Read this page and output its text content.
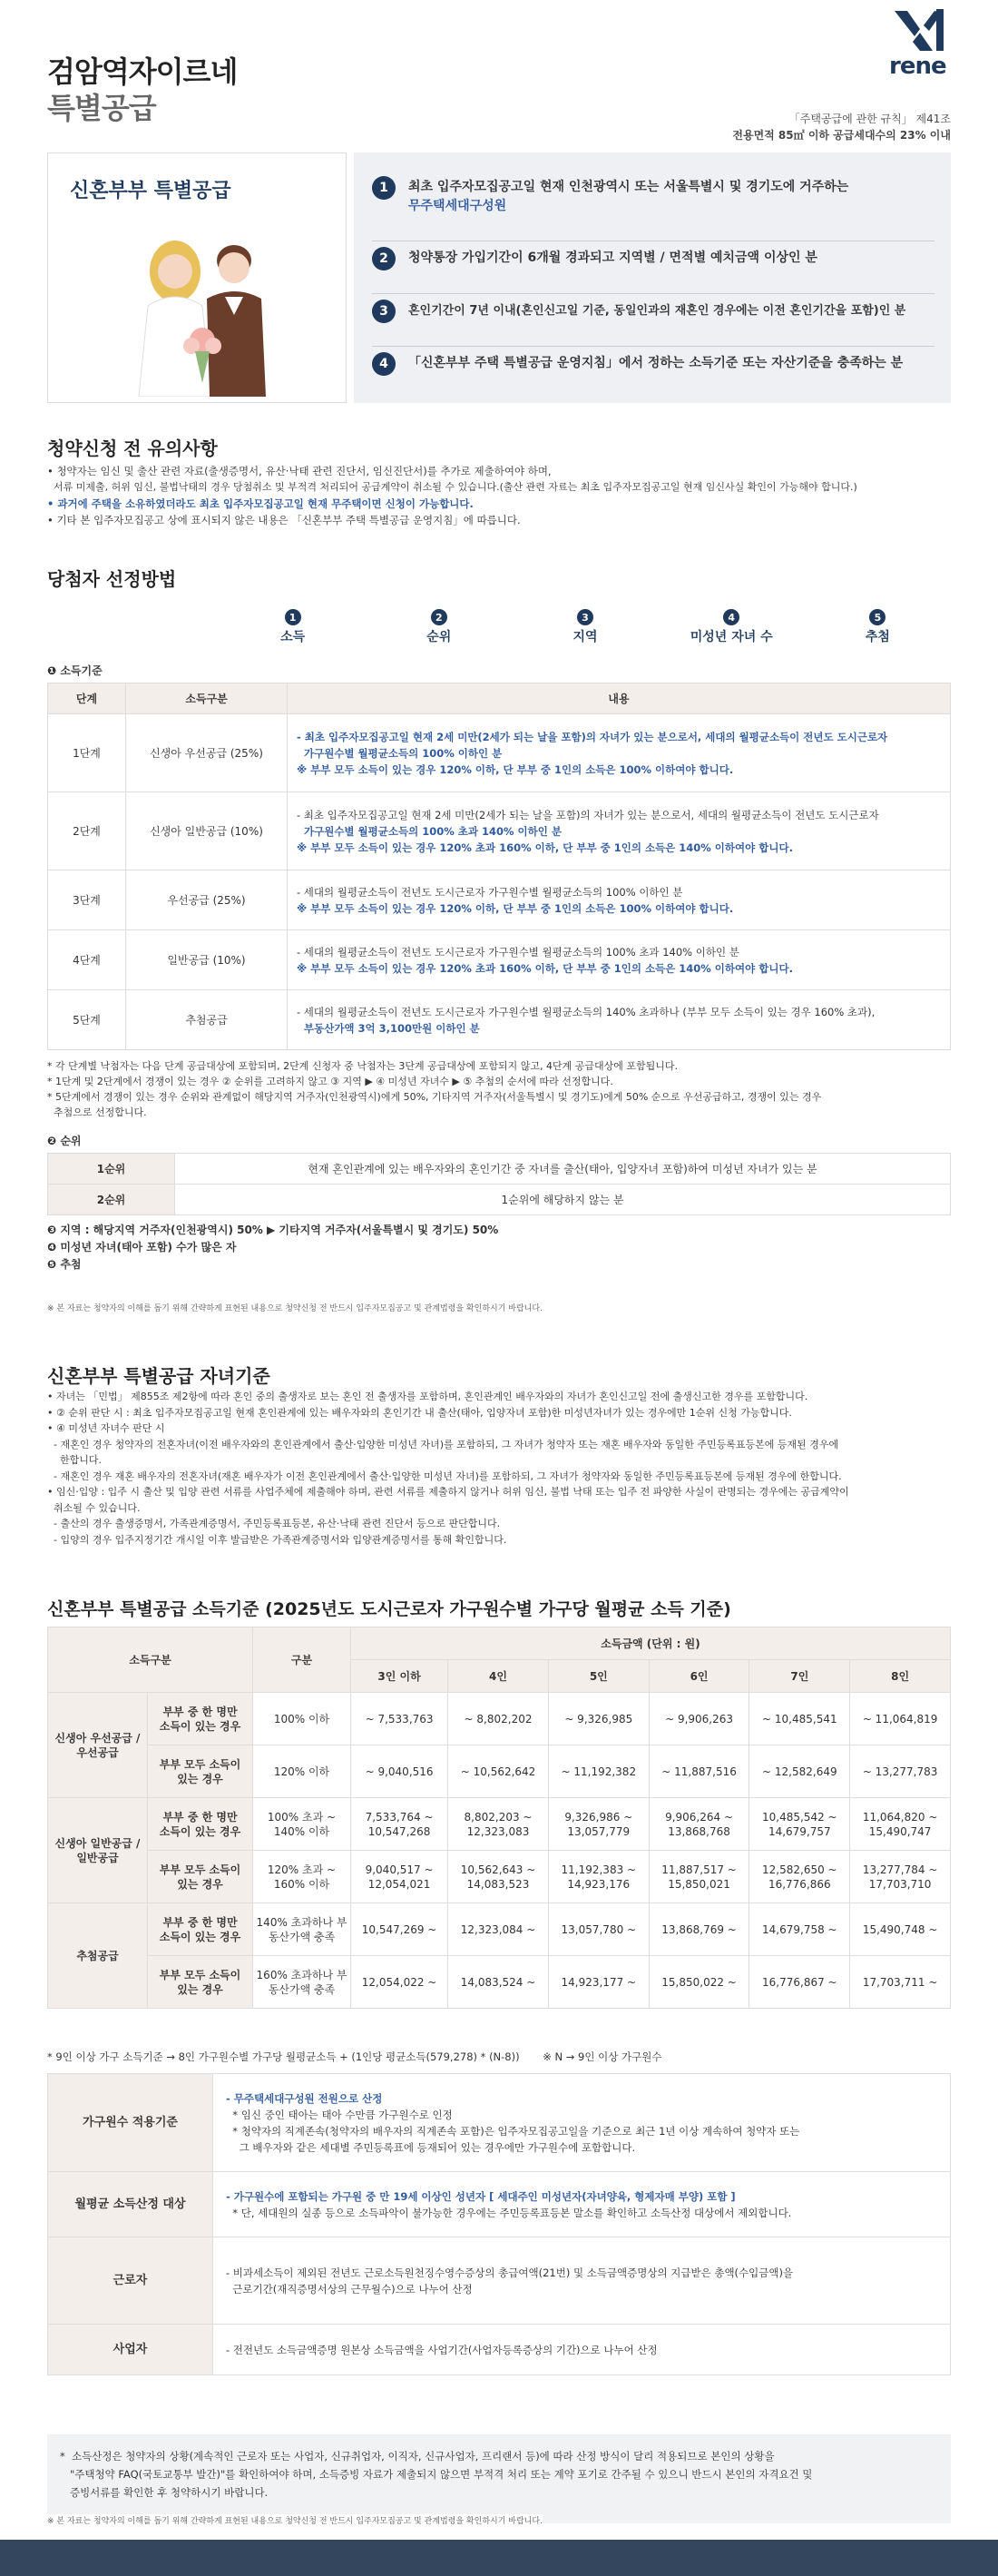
검암역자이르네
특별공급
rene
「주택공급에 관한 규칙」 제41조
전용면적 85㎡ 이하 공급세대수의 23% 이내
신혼부부 특별공급	1	최초 입주자모집공고일 현재 인천광역시 또는 서울특별시 및 경기도에 거주하는
무주택세대구성원
2	청약통장 가입기간이 6개월 경과되고 지역별 / 면적별 예치금액 이상인 분
3	혼인기간이 7년 이내(혼인신고일 기준, 동일인과의 재혼인 경우에는 이전 혼인기간을 포함)인 분
4	「신혼부부 주택 특별공급 운영지침」에서 정하는 소득기준 또는 자산기준을 충족하는 분
청약신청 전 유의사항
• 청약자는 임신 및 출산 관련 자료(출생증명서, 유산·낙태 관련 진단서, 임신진단서)를 추가로 제출하여야 하며,
서류 미제출, 허위 임신, 불법낙태의 경우 당첨취소 및 부적격 처리되어 공급계약이 취소될 수 있습니다.(출산 관련 자료는 최초 입주자모집공고일 현재 임신사실 확인이 가능해야 합니다.)
• 과거에 주택을 소유하였더라도 최초 입주자모집공고일 현재 무주택이면 신청이 가능합니다.
• 기타 본 입주자모집공고 상에 표시되지 않은 내용은 「신혼부부 주택 특별공급 운영지침」에 따릅니다.
당첨자 선정방법
당첨자 선정기준
1
소득
2
순위
3
지역
4
미성년 자녀 수
5
추첨
❶ 소득기준
단계	소득구분	내용
1단계	신생아 우선공급 (25%)	- 최초 입주자모집공고일 현재 2세 미만(2세가 되는 날을 포함)의 자녀가 있는 분으로서, 세대의 월평균소득이 전년도 도시근로자
가구원수별 월평균소득의 100% 이하인 분
※ 부부 모두 소득이 있는 경우 120% 이하, 단 부부 중 1인의 소득은 100% 이하여야 합니다.

2단계	신생아 일반공급 (10%)	- 최초 입주자모집공고일 현재 2세 미만(2세가 되는 날을 포함)의 자녀가 있는 분으로서, 세대의 월평균소득이 전년도 도시근로자
가구원수별 월평균소득의 100% 초과 140% 이하인 분
※ 부부 모두 소득이 있는 경우 120% 초과 160% 이하, 단 부부 중 1인의 소득은 140% 이하여야 합니다.

3단계	우선공급 (25%)	- 세대의 월평균소득이 전년도 도시근로자 가구원수별 월평균소득의 100% 이하인 분
※ 부부 모두 소득이 있는 경우 120% 이하, 단 부부 중 1인의 소득은 100% 이하여야 합니다.

4단계	일반공급 (10%)	- 세대의 월평균소득이 전년도 도시근로자 가구원수별 월평균소득의 100% 초과 140% 이하인 분
※ 부부 모두 소득이 있는 경우 120% 초과 160% 이하, 단 부부 중 1인의 소득은 140% 이하여야 합니다.

5단계	추첨공급	- 세대의 월평균소득이 전년도 도시근로자 가구원수별 월평균소득의 140% 초과하나 (부부 모두 소득이 있는 경우 160% 초과),
부동산가액 3억 3,100만원 이하인 분
* 각 단계별 낙첨자는 다음 단계 공급대상에 포함되며, 2단계 신청자 중 낙첨자는 3단계 공급대상에 포함되지 않고, 4단계 공급대상에 포함됩니다.
* 1단계 및 2단계에서 경쟁이 있는 경우 ② 순위를 고려하지 않고 ③ 지역 ▶ ④ 미성년 자녀수 ▶ ⑤ 추첨의 순서에 따라 선정합니다.
* 5단계에서 경쟁이 있는 경우 순위와 관계없이 해당지역 거주자(인천광역시)에게 50%, 기타지역 거주자(서울특별시 및 경기도)에게 50% 순으로 우선공급하고, 경쟁이 있는 경우
추첨으로 선정합니다.
❷ 순위
1순위	현재 혼인관계에 있는 배우자와의 혼인기간 중 자녀를 출산(태아, 입양자녀 포함)하여 미성년 자녀가 있는 분
2순위	1순위에 해당하지 않는 분
❸ 지역 : 해당지역 거주자(인천광역시) 50% ▶ 기타지역 거주자(서울특별시 및 경기도) 50%
❹ 미성년 자녀(태아 포함) 수가 많은 자
❺ 추첨
※ 본 자료는 청약자의 이해를 돕기 위해 간략하게 표현된 내용으로 청약신청 전 반드시 입주자모집공고 및 관계법령을 확인하시기 바랍니다.
신혼부부 특별공급 자녀기준
• 자녀는 「민법」 제855조 제2항에 따라 혼인 중의 출생자로 보는 혼인 전 출생자를 포함하며, 혼인관계인 배우자와의 자녀가 혼인신고일 전에 출생신고한 경우를 포함합니다.
• ② 순위 판단 시 : 최초 입주자모집공고일 현재 혼인관계에 있는 배우자와의 혼인기간 내 출산(태아, 입양자녀 포함)한 미성년자녀가 있는 경우에만 1순위 신청 가능합니다.
• ④ 미성년 자녀수 판단 시
- 재혼인 경우 청약자의 전혼자녀(이전 배우자와의 혼인관계에서 출산·입양한 미성년 자녀)를 포함하되, 그 자녀가 청약자 또는 재혼 배우자와 동일한 주민등록표등본에 등재된 경우에
한합니다.
- 재혼인 경우 재혼 배우자의 전혼자녀(재혼 배우자가 이전 혼인관계에서 출산·입양한 미성년 자녀)를 포함하되, 그 자녀가 청약자와 동일한 주민등록표등본에 등재된 경우에 한합니다.
• 임신·입양 : 입주 시 출산 및 입양 관련 서류를 사업주체에 제출해야 하며, 관련 서류를 제출하지 않거나 허위 임신, 불법 낙태 또는 입주 전 파양한 사실이 판명되는 경우에는 공급계약이
취소될 수 있습니다.
- 출산의 경우 출생증명서, 가족관계증명서, 주민등록표등본, 유산·낙태 관련 진단서 등으로 판단합니다.
- 입양의 경우 입주지정기간 개시일 이후 발급받은 가족관계증명서와 입양관계증명서를 통해 확인합니다.
신혼부부 특별공급 소득기준 (2025년도 도시근로자 가구원수별 가구당 월평균 소득 기준)
소득구분		구분	소득금액 (단위 : 원)					
			3인 이하	4인	5인	6인	7인	8인
신생아 우선공급 / 우선공급	부부 중 한 명만 소득이 있는 경우	100% 이하	~ 7,533,763	~ 8,802,202	~ 9,326,985	~ 9,906,263	~ 10,485,541	~ 11,064,819
	부부 모두 소득이 있는 경우	120% 이하	~ 9,040,516	~ 10,562,642	~ 11,192,382	~ 11,887,516	~ 12,582,649	~ 13,277,783
신생아 일반공급 / 일반공급	부부 중 한 명만 소득이 있는 경우	100% 초과 ~ 140% 이하	7,533,764 ~ 10,547,268	8,802,203 ~ 12,323,083	9,326,986 ~ 13,057,779	9,906,264 ~ 13,868,768	10,485,542 ~ 14,679,757	11,064,820 ~ 15,490,747
	부부 모두 소득이 있는 경우	120% 초과 ~ 160% 이하	9,040,517 ~ 12,054,021	10,562,643 ~ 14,083,523	11,192,383 ~ 14,923,176	11,887,517 ~ 15,850,021	12,582,650 ~ 16,776,866	13,277,784 ~ 17,703,710
추첨공급	부부 중 한 명만 소득이 있는 경우	140% 초과하나 부동산가액 충족	10,547,269 ~	12,323,084 ~	13,057,780 ~	13,868,769 ~	14,679,758 ~	15,490,748 ~
	부부 모두 소득이 있는 경우	160% 초과하나 부동산가액 충족	12,054,022 ~	14,083,524 ~	14,923,177 ~	15,850,022 ~	16,776,867 ~	17,703,711 ~
* 9인 이상 가구 소득기준 → 8인 가구원수별 가구당 월평균소득 + (1인당 평균소득(579,278) * (N-8))       ※ N → 9인 이상 가구원수
가구원수 적용기준	- 무주택세대구성원 전원으로 산정
* 임신 중인 태아는 태아 수만큼 가구원수로 인정
* 청약자의 직계존속(청약자의 배우자의 직계존속 포함)은 입주자모집공고일을 기준으로 최근 1년 이상 계속하여 청약자 또는
그 배우자와 같은 세대별 주민등록표에 등재되어 있는 경우에만 가구원수에 포함합니다.

월평균 소득산정 대상	- 가구원수에 포함되는 가구원 중 만 19세 이상인 성년자 [ 세대주인 미성년자(자녀양육, 형제자매 부양) 포함 ]
* 단, 세대원의 실종 등으로 소득파악이 불가능한 경우에는 주민등록표등본 말소를 확인하고 소득산정 대상에서 제외합니다.

근로자	- 비과세소득이 제외된 전년도 근로소득원천징수영수증상의 총급여액(21번) 및 소득금액증명상의 지급받은 총액(수입금액)을
근로기간(재직증명서상의 근무월수)으로 나누어 산정

사업자	- 전전년도 소득금액증명 원본상 소득금액을 사업기간(사업자등록증상의 기간)으로 나누어 산정
*  소득산정은 청약자의 상황(계속적인 근로자 또는 사업자, 신규취업자, 이직자, 신규사업자, 프리랜서 등)에 따라 산정 방식이 달리 적용되므로 본인의 상황을
"주택청약 FAQ(국토교통부 발간)"를 확인하여야 하며, 소득증빙 자료가 제출되지 않으면 부적격 처리 또는 계약 포기로 간주될 수 있으니 반드시 본인의 자격요건 및
증빙서류를 확인한 후 청약하시기 바랍니다.
※ 본 자료는 청약자의 이해를 돕기 위해 간략하게 표현된 내용으로 청약신청 전 반드시 입주자모집공고 및 관계법령을 확인하시기 바랍니다.
